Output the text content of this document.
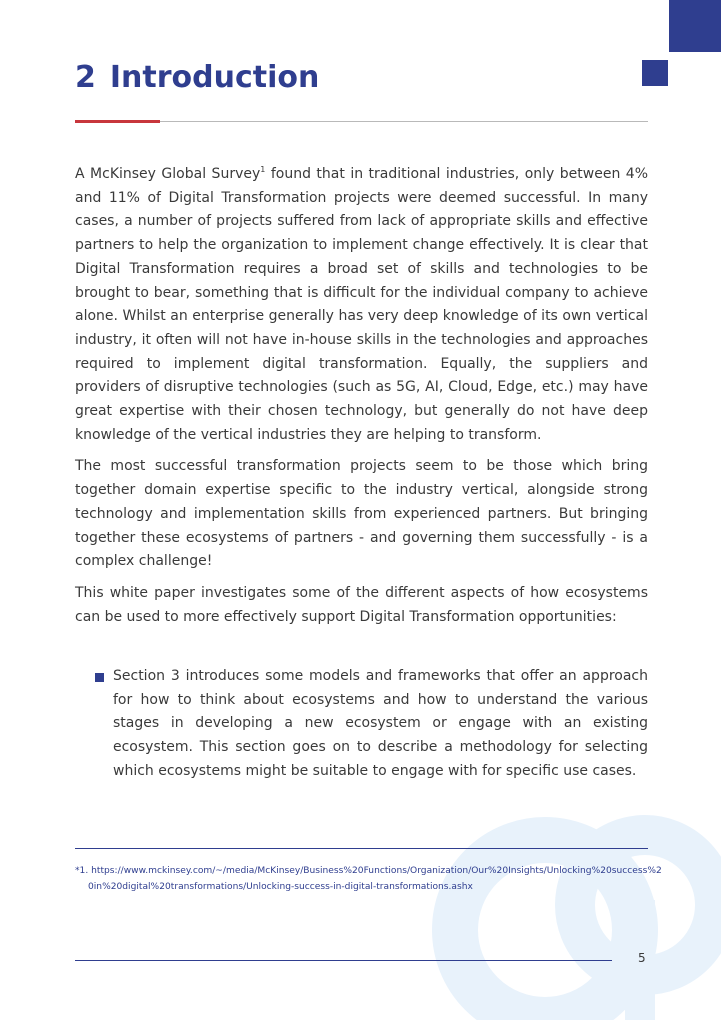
2 Introduction

A McKinsey Global Survey$^1$ found that in traditional industries, only between 4% and 11% of Digital Transformation projects were deemed successful. In many cases, a number of projects suffered from lack of appropriate skills and effective partners to help the organization to implement change effectively. It is clear that Digital Transformation requires a broad set of skills and technologies to be brought to bear, something that is difficult for the individual company to achieve alone. Whilst an enterprise generally has very deep knowledge of its own vertical industry, it often will not have in-house skills in the technologies and approaches required to implement digital transformation. Equally, the suppliers and providers of disruptive technologies (such as 5G, AI, Cloud, Edge, etc.) may have great expertise with their chosen technology, but generally do not have deep knowledge of the vertical industries they are helping to transform.

The most successful transformation projects seem to be those which bring together domain expertise specific to the industry vertical, alongside strong technology and implementation skills from experienced partners. But bringing together these ecosystems of partners - and governing them successfully - is a complex challenge!

This white paper investigates some of the different aspects of how ecosystems can be used to more effectively support Digital Transformation opportunities:

Section 3 introduces some models and frameworks that offer an approach for how to think about ecosystems and how to understand the various stages in developing a new ecosystem or engage with an existing ecosystem. This section goes on to describe a methodology for selecting which ecosystems might be suitable to engage with for specific use cases.
*1. https://www.mckinsey.com/~/media/McKinsey/Business%20Functions/Organization/Our%20Insights/Unlocking%20success%20in%20digital%20transformations/Unlocking-success-in-digital-transformations.ashx
5
